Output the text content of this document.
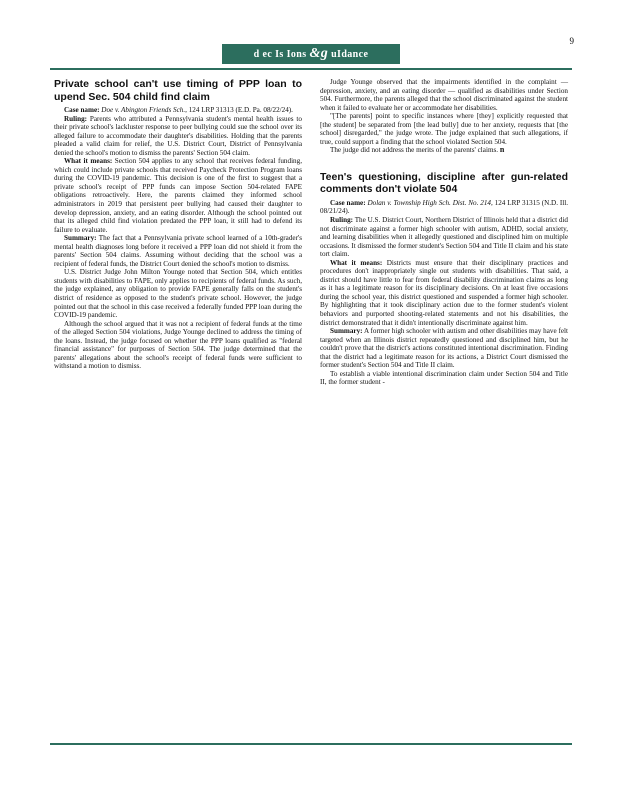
9
d ec Is Ions &g uIdance
Private school can't use timing of PPP loan to upend Sec. 504 child find claim

Case name: Doe v. Abington Friends Sch., 124 LRP 31313 (E.D. Pa. 08/22/24).

Ruling: Parents who attributed a Pennsylvania student's mental health issues to their private school's lackluster response to peer bullying could sue the school over its alleged failure to accommodate their daughter's disabilities. Holding that the parents pleaded a valid claim for relief, the U.S. District Court, District of Pennsylvania denied the school's motion to dismiss the parents' Section 504 claim.

What it means: Section 504 applies to any school that receives federal funding, which could include private schools that received Paycheck Protection Program loans during the COVID-19 pandemic. This decision is one of the first to suggest that a private school's receipt of PPP funds can impose Section 504-related FAPE obligations retroactively. Here, the parents claimed they informed school administrators in 2019 that persistent peer bullying had caused their daughter to develop depression, anxiety, and an eating disorder. Although the school pointed out that its alleged child find violation predated the PPP loan, it still had to defend its failure to evaluate.

Summary: The fact that a Pennsylvania private school learned of a 10th-grader's mental health diagnoses long before it received a PPP loan did not shield it from the parents' Section 504 claims. Assuming without deciding that the school was a recipient of federal funds, the District Court denied the school's motion to dismiss.

U.S. District Judge John Milton Younge noted that Section 504, which entitles students with disabilities to FAPE, only applies to recipients of federal funds. As such, the judge explained, any obligation to provide FAPE generally falls on the student's district of residence as opposed to the student's private school. However, the judge pointed out that the school in this case received a federally funded PPP loan during the COVID-19 pandemic.

Although the school argued that it was not a recipient of federal funds at the time of the alleged Section 504 violations, Judge Younge declined to address the timing of the loans. Instead, the judge focused on whether the PPP loans qualified as "federal financial assistance" for purposes of Section 504. The judge determined that the parents' allegations about the school's receipt of federal funds were sufficient to withstand a motion to dismiss.

Judge Younge observed that the impairments identified in the complaint — depression, anxiety, and an eating disorder — qualified as disabilities under Section 504. Furthermore, the parents alleged that the school discriminated against the student when it failed to evaluate her or accommodate her disabilities.

"[The parents] point to specific instances where [they] explicitly requested that [the student] be separated from [the lead bully] due to her anxiety, requests that [the school] disregarded," the judge wrote. The judge explained that such allegations, if true, could support a finding that the school violated Section 504.

The judge did not address the merits of the parents' claims. n

Teen's questioning, discipline after gun-related comments don't violate 504

Case name: Dolan v. Township High Sch. Dist. No. 214, 124 LRP 31315 (N.D. Ill. 08/21/24).

Ruling: The U.S. District Court, Northern District of Illinois held that a district did not discriminate against a former high schooler with autism, ADHD, social anxiety, and learning disabilities when it allegedly questioned and disciplined him on multiple occasions. It dismissed the former student's Section 504 and Title II claim and his state tort claim.

What it means: Districts must ensure that their disciplinary practices and procedures don't inappropriately single out students with disabilities. That said, a district should have little to fear from federal disability discrimination claims as long as it has a legitimate reason for its disciplinary decisions. On at least five occasions during the school year, this district questioned and suspended a former high schooler. By highlighting that it took disciplinary action due to the former student's violent behaviors and purported shooting-related statements and not his disabilities, the district demonstrated that it didn't intentionally discriminate against him.

Summary: A former high schooler with autism and other disabilities may have felt targeted when an Illinois district repeatedly questioned and disciplined him, but he couldn't prove that the district's actions constituted intentional discrimination. Finding that the district had a legitimate reason for its actions, a District Court dismissed the former student's Section 504 and Title II claim.

To establish a viable intentional discrimination claim under Section 504 and Title II, the former student -
